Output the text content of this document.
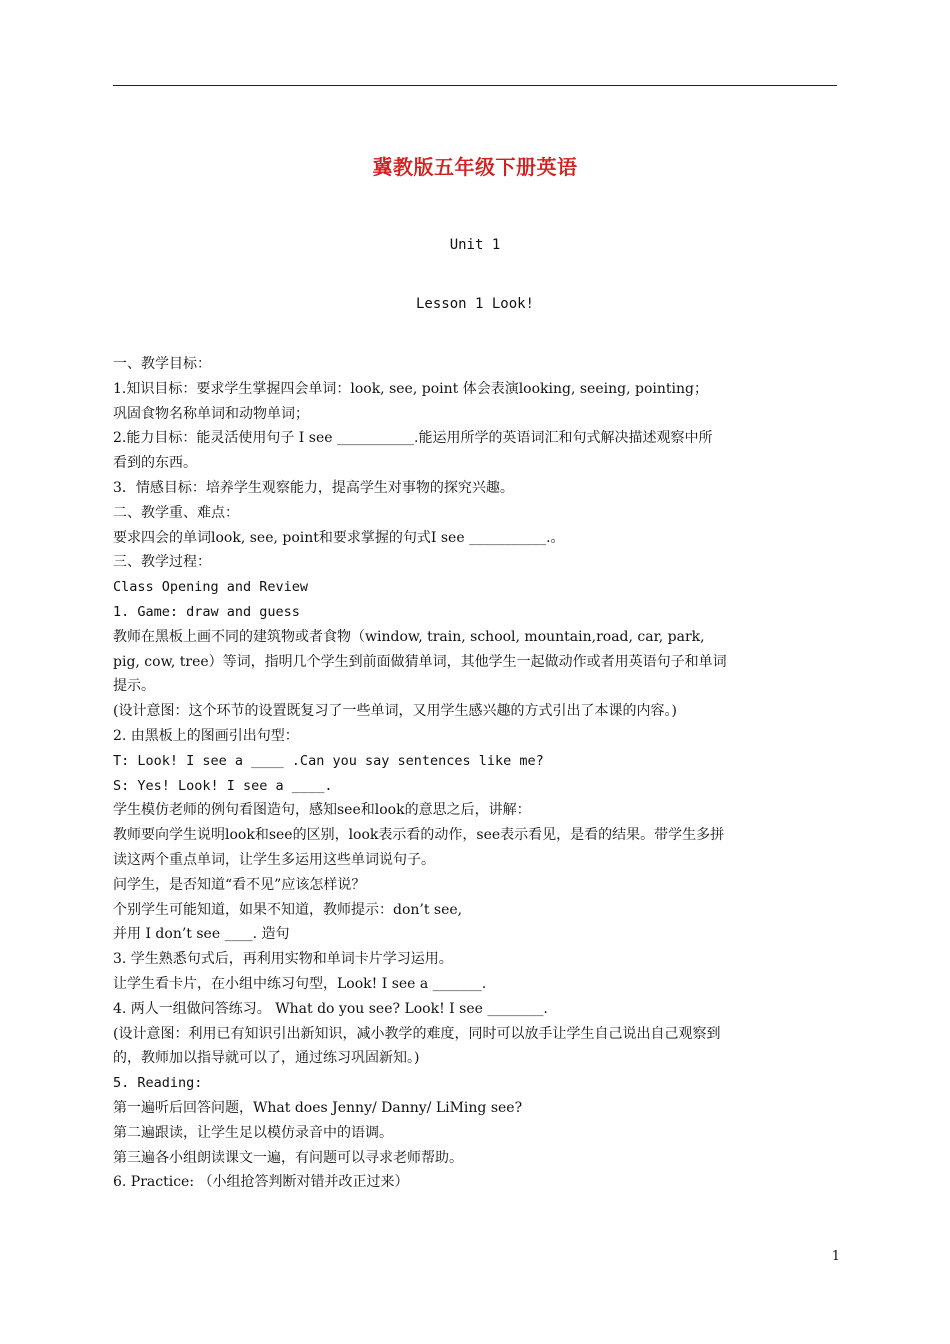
冀教版五年级下册英语
Unit 1
Lesson 1 Look!

一、教学目标：

1.知识目标：要求学生掌握四会单词：look, see, point 体会表演looking, seeing, pointing；

巩固食物名称单词和动物单词；

2.能力目标：能灵活使用句子 I see ___________.能运用所学的英语词汇和句式解决描述观察中所

看到的东西。

3．情感目标：培养学生观察能力，提高学生对事物的探究兴趣。

二、教学重、难点：

要求四会的单词look, see, point和要求掌握的句式I see ___________.。

三、教学过程：

Class Opening and Review

1. Game: draw and guess

教师在黑板上画不同的建筑物或者食物（window, train, school, mountain,road, car, park,

pig, cow, tree）等词，指明几个学生到前面做猜单词，其他学生一起做动作或者用英语句子和单词

提示。

(设计意图：这个环节的设置既复习了一些单词，又用学生感兴趣的方式引出了本课的内容。)

2. 由黑板上的图画引出句型：

T: Look! I see a ____ .Can you say sentences like me?

S: Yes! Look! I see a ____.

学生模仿老师的例句看图造句，感知see和look的意思之后，讲解：

教师要向学生说明look和see的区别，look表示看的动作，see表示看见，是看的结果。带学生多拼

读这两个重点单词，让学生多运用这些单词说句子。

问学生，是否知道“看不见”应该怎样说？

个别学生可能知道，如果不知道，教师提示：don’t see,

并用 I don’t see ____. 造句

3. 学生熟悉句式后，再利用实物和单词卡片学习运用。

让学生看卡片，在小组中练习句型，Look! I see a _______.

4. 两人一组做问答练习。 What do you see? Look! I see ________.

(设计意图：利用已有知识引出新知识，减小教学的难度，同时可以放手让学生自己说出自己观察到

的，教师加以指导就可以了，通过练习巩固新知。)

5. Reading:

第一遍听后回答问题，What does Jenny/ Danny/ LiMing see?

第二遍跟读，让学生足以模仿录音中的语调。

第三遍各小组朗读课文一遍，有问题可以寻求老师帮助。

6. Practice: （小组抢答判断对错并改正过来）

1
